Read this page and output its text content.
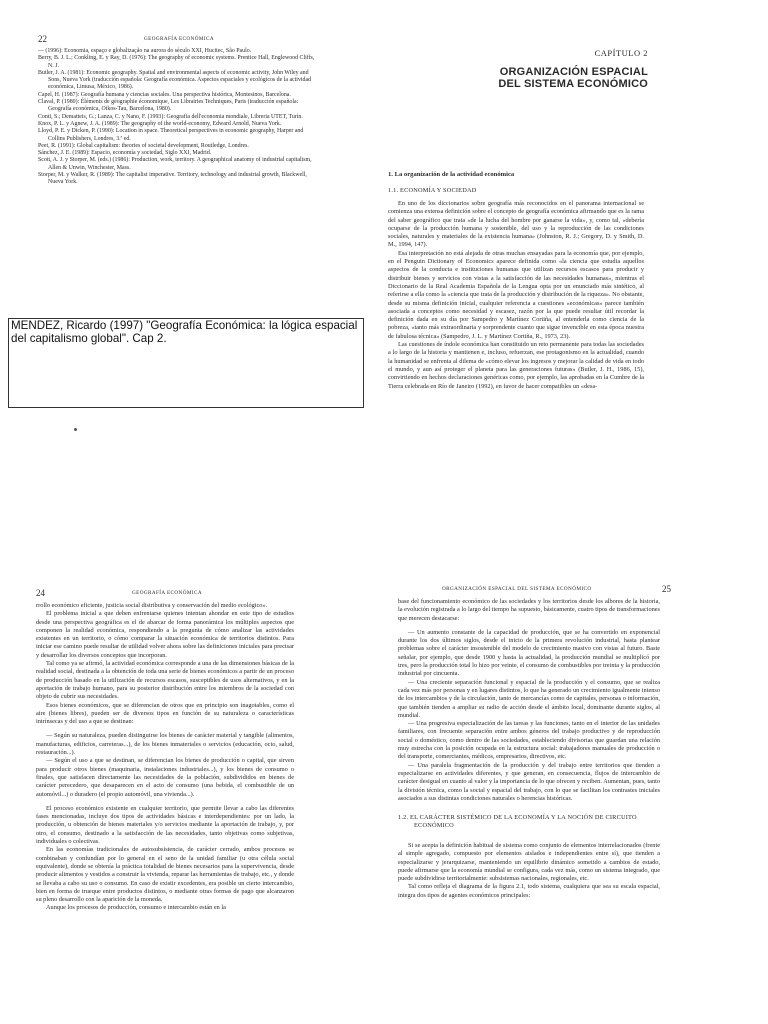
22	GEOGRAFÍA ECONÓMICA
— (1996): Economia, espaço e globalização na aurora do século XXI, Hucitec, São Paulo.
Berry, B. J. L.; Conkling, E. y Ray, D. (1976): The geography of economic systems. Prentice Hall, Englewood Cliffs, N. J.
Butler, J. A. (1981): Economic geography. Spatial and environmental aspects of economic activity, John Wiley and Sons, Nueva York (traducción española: Geografía económica. Aspectos espaciales y ecológicos de la actividad económica, Limusa, México, 1986).
Capel, H. (1987): Geografía humana y ciencias sociales. Una perspectiva histórica, Montesinos, Barcelona.
Claval, P. (1980): Éléments de géographie économique, Les Librairies Techniques, Paris (traducción española: Geografía económica, Oikos-Tau, Barcelona, 1980).
Conti, S.; Dematteis, G.; Lanza, C. y Nano, F. (1993): Geografia dell'economia mondiale, Libreria UTET, Turín.
Knox, P. L. y Agnew, J. A. (1989): The geography of the world-economy, Edward Arnold, Nueva York.
Lloyd, P. E. y Dicken, P. (1990): Location in space. Theoretical perspectives in economic geography, Harper and Collins Publishers, Londres, 3.ª ed.
Peet, R. (1991): Global capitalism: theories of societal development, Routledge, Londres.
Sánchez, J. E. (1989): Espacio, economía y sociedad, Siglo XXI, Madrid.
Scott, A. J. y Storper, M. (eds.) (1986): Production, work, territory. A geographical anatomy of industrial capitalism, Allen & Unwin, Winchester, Mass.
Storper, M. y Walker, R. (1989): The capitalist imperative. Territory, technology and industrial growth, Blackwell, Nueva York.
MENDEZ, Ricardo (1997) "Geografía Económica: la lógica espacial del capitalismo global". Cap 2.
CAPÍTULO 2
ORGANIZACIÓN ESPACIAL
DEL SISTEMA ECONÓMICO
1. La organización de la actividad económica
1.1. ECONOMÍA Y SOCIEDAD

En uno de los diccionarios sobre geografía más reconocidos en el panorama internacional se comienza una extensa definición sobre el concepto de geografía económica afirmando que es la rama del saber geográfico que trata «de la lucha del hombre por ganarse la vida», y, como tal, «debería ocuparse de la producción humana y sostenible, del uso y la reproducción de las condiciones sociales, naturales y materiales de la existencia humana» (Johnston, R. J.; Gregory, D. y Smith, D. M., 1994, 147).

Esa interpretación no está alejada de otras muchas ensayadas para la economía que, por ejemplo, en el Penguin Dictionary of Economics aparece definida como «la ciencia que estudia aquellos aspectos de la conducta e instituciones humanas que utilizan recursos escasos para producir y distribuir bienes y servicios con vistas a la satisfacción de las necesidades humanas», mientras el Diccionario de la Real Academia Española de la Lengua opta por un enunciado más sintético, al referirse a ella como la «ciencia que trata de la producción y distribución de la riqueza». No obstante, desde su misma definición inicial, cualquier referencia a cuestiones «económicas» parece también asociada a conceptos como necesidad y escasez, razón por la que puede resultar útil recordar la definición dada en su día por Sampedro y Martínez Cortiña, al entenderla como ciencia de la pobreza, «tanto más extraordinaria y sorprendente cuanto que sigue invencible en esta época nuestra de fabulosa técnica» (Sampedro, J. L. y Martínez Cortiña, R., 1973, 23).

Las cuestiones de índole económica han constituido un reto permanente para todas las sociedades a lo largo de la historia y mantienen e, incluso, refuerzan, ese protagonismo en la actualidad, cuando la humanidad se enfrenta al dilema de «cómo elevar los ingresos y mejorar la calidad de vida en todo el mundo, y aun así proteger el planeta para las generaciones futuras» (Butler, J. H., 1986, 15), convirtiendo en hechos declaraciones genéricas como, por ejemplo, las aprobadas en la Cumbre de la Tierra celebrada en Río de Janeiro (1992), en favor de hacer compatibles un «desa-

24	GEOGRAFÍA ECONÓMICA

rrollo económico eficiente, justicia social distributiva y conservación del medio ecológico».

El problema inicial a que deben enfrentarse quienes intentan ahondar en este tipo de estudios desde una perspectiva geográfica es el de abarcar de forma panorámica los múltiples aspectos que componen la realidad económica, respondiendo a la pregunta de cómo analizar las actividades existentes en un territorio, o cómo comparar la situación económica de territorios distintos. Para iniciar ese camino puede resultar de utilidad volver ahora sobre las definiciones iniciales para precisar y desarrollar los diversos conceptos que incorporan.

Tal como ya se afirmó, la actividad económica corresponde a una de las dimensiones básicas de la realidad social, destinada a la obtención de toda una serie de bienes económicos a partir de un proceso de producción basado en la utilización de recursos escasos, susceptibles de usos alternativos, y en la aportación de trabajo humano, para su posterior distribución entre los miembros de la sociedad con objeto de cubrir sus necesidades.

Esos bienes económicos, que se diferencian de otros que en principio son inagotables, como el aire (bienes libres), pueden ser de diversos tipos en función de su naturaleza o características intrínsecas y del uso a que se destinan:

— Según su naturaleza, pueden distinguirse los bienes de carácter material y tangible (alimentos, manufacturas, edificios, carreteras...), de los bienes inmateriales o servicios (educación, ocio, salud, restauración...).

— Según el uso a que se destinan, se diferencian los bienes de producción o capital, que sirven para producir otros bienes (maquinaria, instalaciones industriales...), y los bienes de consumo o finales, que satisfacen directamente las necesidades de la población, subdivididos en bienes de carácter perecedero, que desaparecen en el acto de consumo (una bebida, el combustible de un automóvil...) o duradero (el propio automóvil, una vivienda...).

El proceso económico existente en cualquier territorio, que permite llevar a cabo las diferentes fases mencionadas, incluye dos tipos de actividades básicas e interdependientes: por un lado, la producción, u obtención de bienes materiales y/o servicios mediante la aportación de trabajo, y, por otro, el consumo, destinado a la satisfacción de las necesidades, tanto objetivas como subjetivas, individuales o colectivas.

En las economías tradicionales de autosubsistencia, de carácter cerrado, ambos procesos se combinaban y confundían por lo general en el seno de la unidad familiar (u otra célula social equivalente), donde se obtenía la práctica totalidad de bienes necesarios para la supervivencia, desde producir alimentos y vestidos a construir la vivienda, reparar las herramientas de trabajo, etc., y donde se llevaba a cabo su uso o consumo. En caso de existir excedentes, era posible un cierto intercambio, bien en forma de trueque entre productos distintos, o mediante otras formas de pago que alcanzaron su pleno desarrollo con la aparición de la moneda.

Aunque los procesos de producción, consumo e intercambio están en la

ORGANIZACIÓN ESPACIAL DEL SISTEMA ECONÓMICO	25

base del funcionamiento económico de las sociedades y los territorios desde los albores de la historia, la evolución registrada a lo largo del tiempo ha supuesto, básicamente, cuatro tipos de transformaciones que merecen destacarse:

— Un aumento constante de la capacidad de producción, que se ha convertido en exponencial durante los dos últimos siglos, desde el inicio de la primera revolución industrial, hasta plantear problemas sobre el carácter insostenible del modelo de crecimiento masivo con vistas al futuro. Baste señalar, por ejemplo, que desde 1900 y hasta la actualidad, la producción mundial se multiplicó por tres, pero la producción total lo hizo por veinte, el consumo de combustibles por treinta y la producción industrial por cincuenta.

— Una creciente separación funcional y espacial de la producción y el consumo, que se realiza cada vez más por personas y en lugares distintos, lo que ha generado un crecimiento igualmente intenso de los intercambios y de la circulación, tanto de mercancías como de capitales, personas o información, que también tienden a ampliar su radio de acción desde el ámbito local, dominante durante siglos, al mundial.

— Una progresiva especialización de las tareas y las funciones, tanto en el interior de las unidades familiares, con frecuente separación entre ambos géneros del trabajo productivo y de reproducción social o doméstico, como dentro de las sociedades, estableciendo divisorias que guardan una relación muy estrecha con la posición ocupada en la estructura social: trabajadores manuales de producción o del transporte, comerciantes, médicos, empresarios, directivos, etc.

— Una paralela fragmentación de la producción y del trabajo entre territorios que tienden a especializarse en actividades diferentes, y que generan, en consecuencia, flujos de intercambio de carácter desigual en cuanto al valor y la importancia de lo que ofrecen y reciben. Aumentan, pues, tanto la división técnica, como la social y espacial del trabajo, con lo que se facilitan los contrastes iniciales asociados a sus distintas condiciones naturales o herencias históricas.

1.2. EL CARÁCTER SISTÉMICO DE LA ECONOMÍA Y LA NOCIÓN DE CIRCUITO
ECONÓMICO

Si se acepta la definición habitual de sistema como conjunto de elementos interrelacionados (frente al simple agregado, compuesto por elementos aislados e independientes entre sí), que tienden a especializarse y jerarquizarse, manteniendo un equilibrio dinámico sometido a cambios de estado, puede afirmarse que la economía mundial se configura, cada vez más, como un sistema integrado, que puede subdividirse territorialmente: subsistemas nacionales, regionales, etc.

Tal como refleja el diagrama de la figura 2.1, todo sistema, cualquiera que sea su escala espacial, integra dos tipos de agentes económicos principales:
